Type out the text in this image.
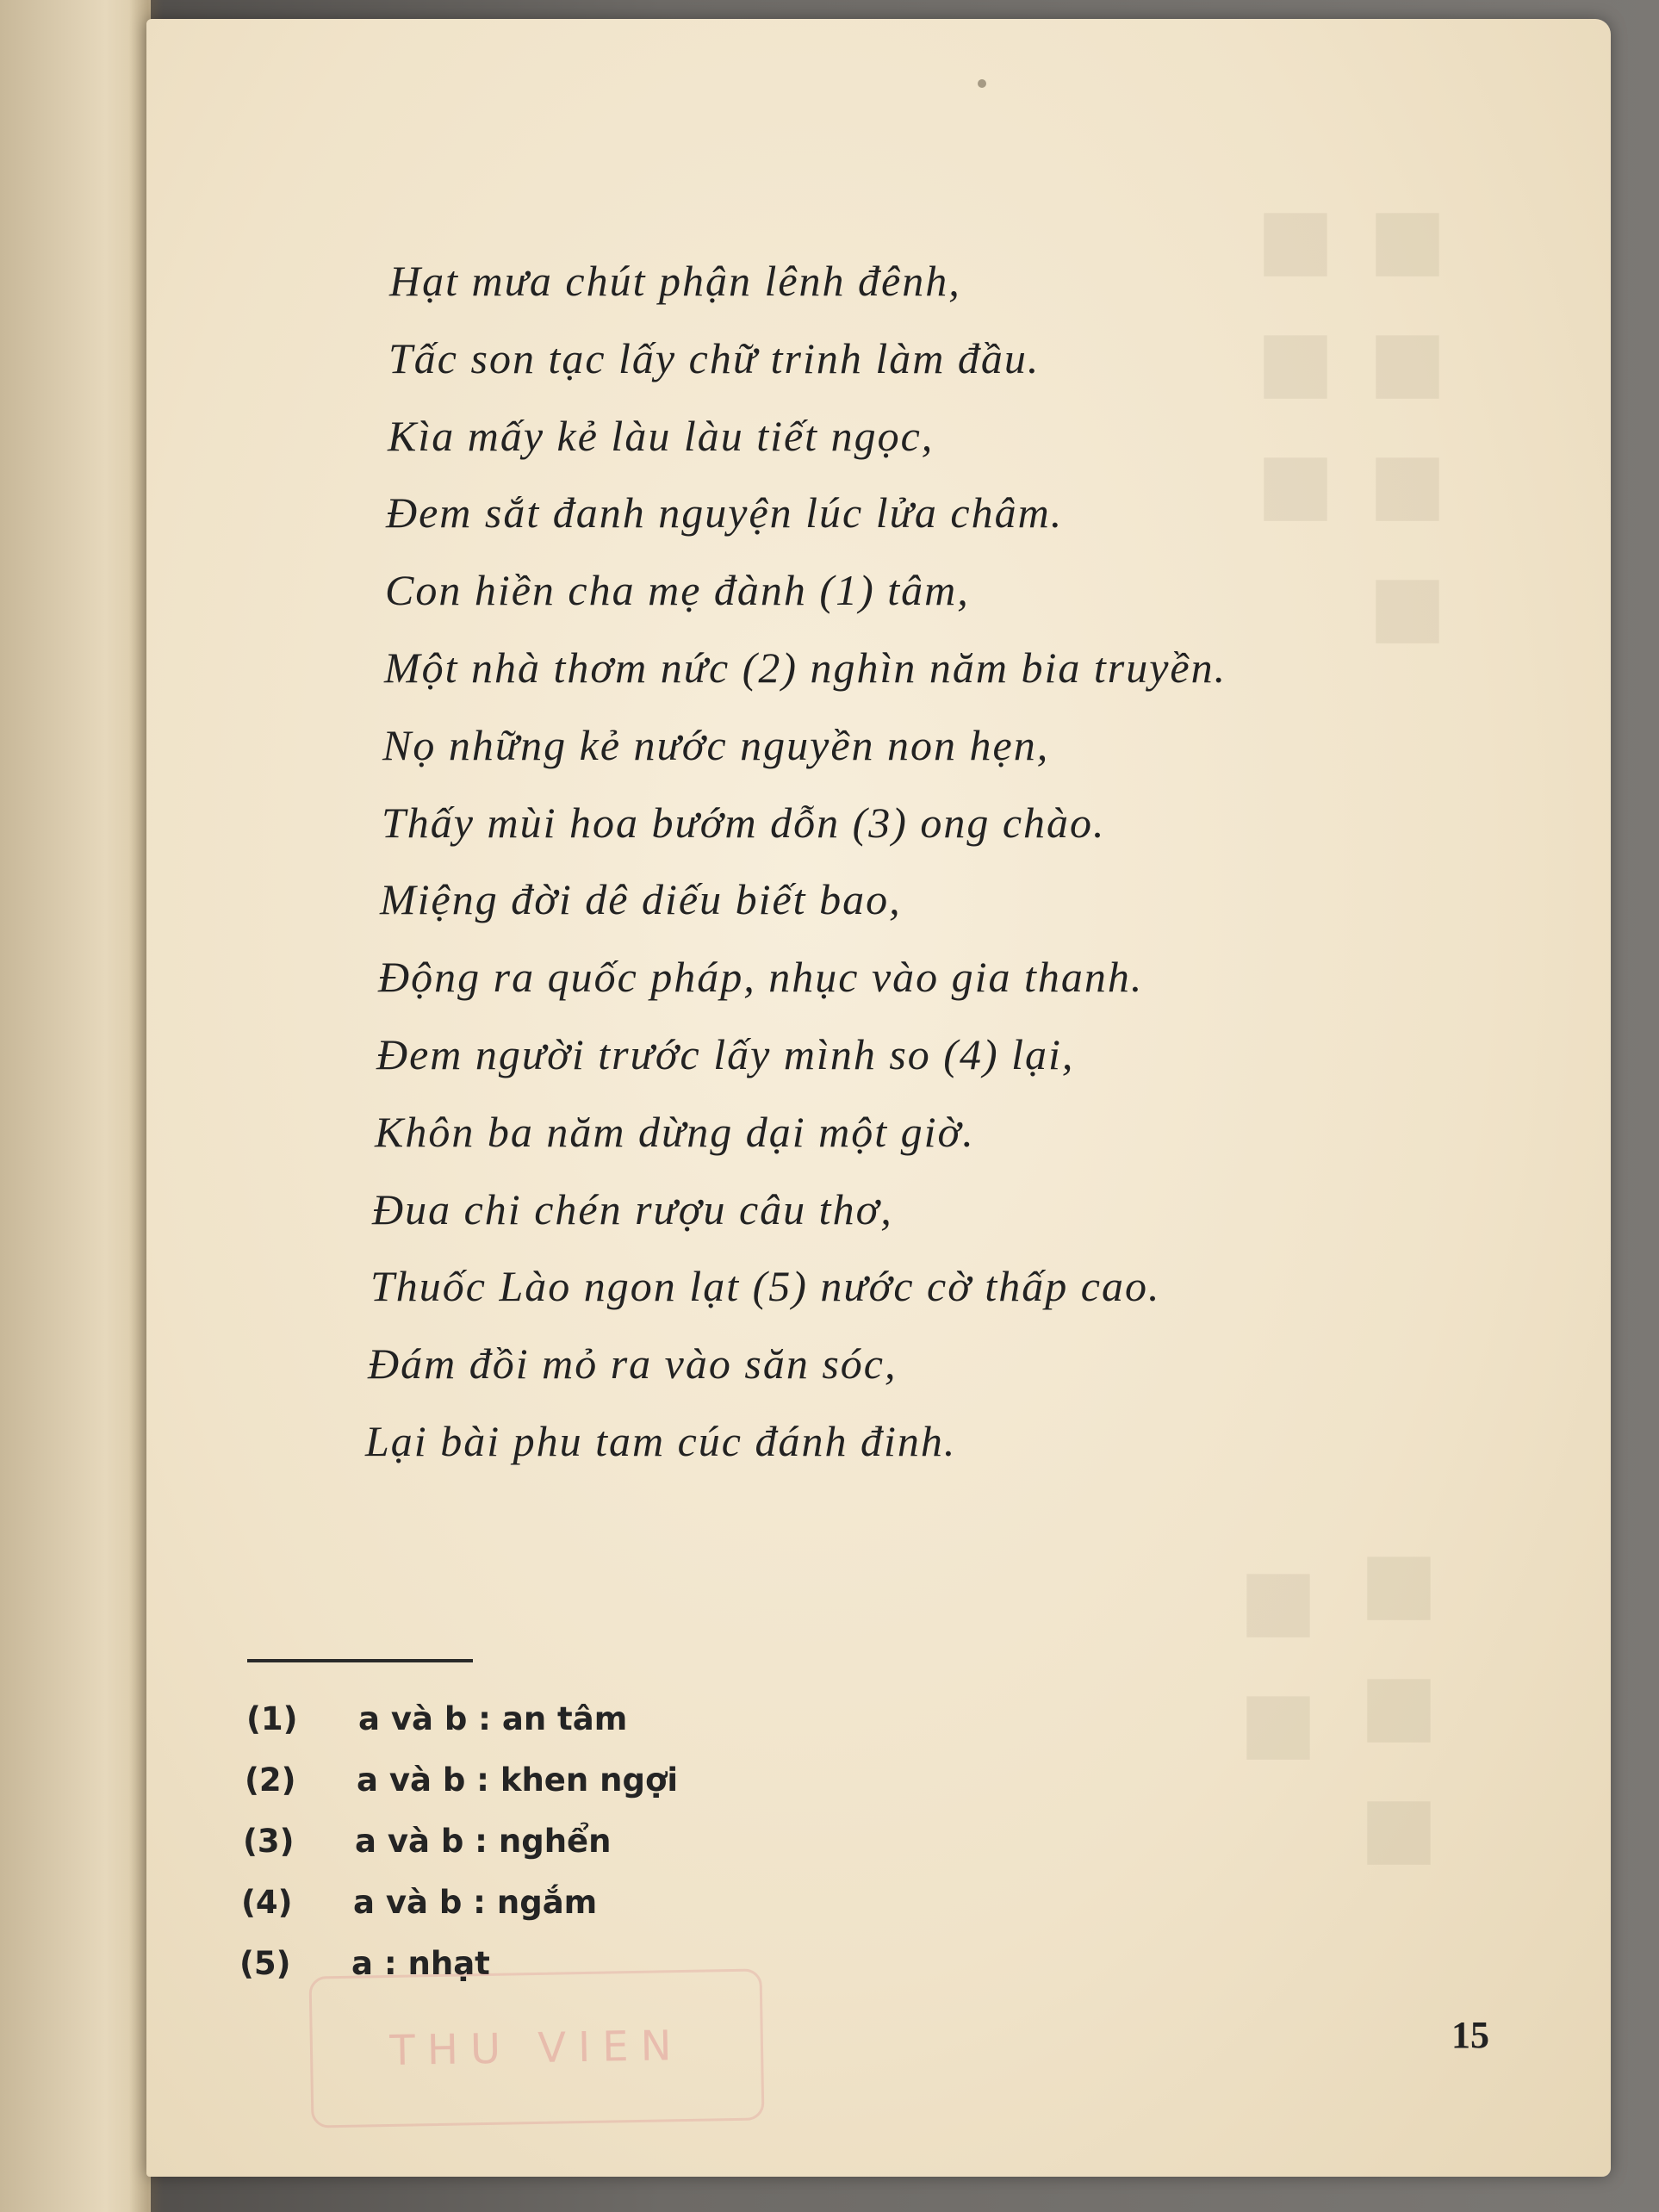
Hạt mưa chút phận lênh đênh,
Tấc son tạc lấy chữ trinh làm đầu.
Kìa mấy kẻ làu làu tiết ngọc,
Đem sắt đanh nguyện lúc lửa châm.
Con hiền cha mẹ đành (1) tâm,
Một nhà thơm nức (2) nghìn năm bia truyền.
Nọ những kẻ nước nguyền non hẹn,
Thấy mùi hoa bướm dỗn (3) ong chào.
Miệng đời dê diếu biết bao,
Động ra quốc pháp, nhục vào gia thanh.
Đem người trước lấy mình so (4) lại,
Khôn ba năm dừng dại một giờ.
Đua chi chén rượu câu thơ,
Thuốc Lào ngon lạt (5) nước cờ thấp cao.
Đám đồi mỏ ra vào săn sóc,
Lại bài phu tam cúc đánh đinh.
(1) a và b : an tâm
(2) a và b : khen ngợi
(3) a và b : nghển
(4) a và b : ngắm
(5) a : nhạt
THU VIEN	15
